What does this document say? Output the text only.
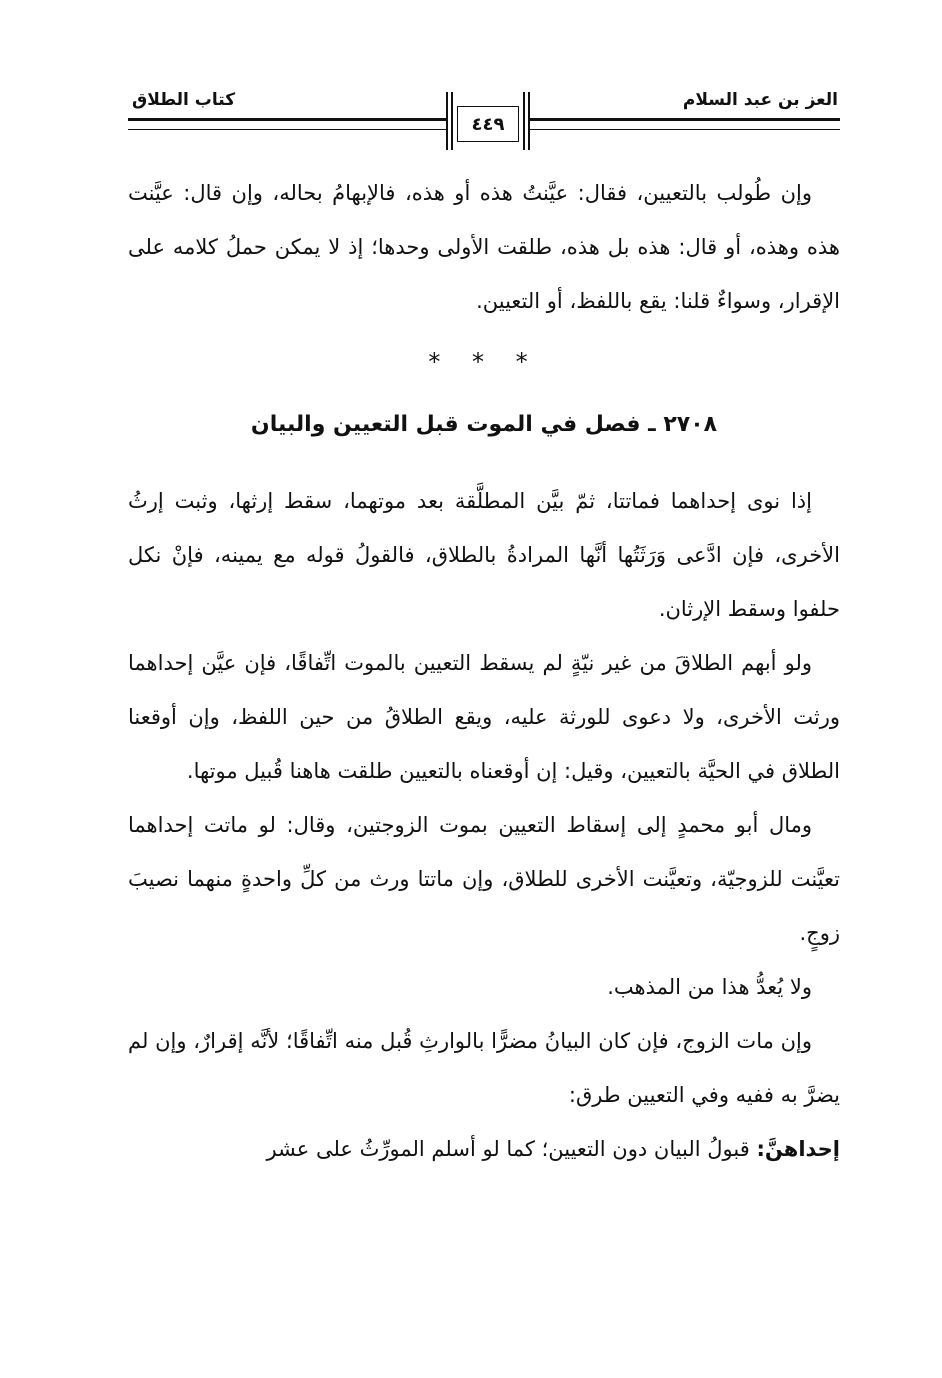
العز بن عبد السلام
كتاب الطلاق
٤٤٩

وإن طُولب بالتعيين، فقال: عيَّنتُ هذه أو هذه، فالإبهامُ بحاله، وإن قال: عيَّنت هذه وهذه، أو قال: هذه بل هذه، طلقت الأولى وحدها؛ إذ لا يمكن حملُ كلامه على الإقرار، وسواءٌ قلنا: يقع باللفظ، أو التعيين.

* * *
٢٧٠٨ ـ فصل في الموت قبل التعيين والبيان

إذا نوى إحداهما فماتتا، ثمّ بيَّن المطلَّقة بعد موتهما، سقط إرثها، وثبت إرثُ الأخرى، فإن ادَّعى وَرَثَتُها أنَّها المرادةُ بالطلاق، فالقولُ قوله مع يمينه، فإنْ نكل حلفوا وسقط الإرثان.

ولو أبهم الطلاقَ من غير نيّةٍ لم يسقط التعيين بالموت اتِّفاقًا، فإن عيَّن إحداهما ورثت الأخرى، ولا دعوى للورثة عليه، ويقع الطلاقُ من حين اللفظ، وإن أوقعنا الطلاق في الحيَّة بالتعيين، وقيل: إن أوقعناه بالتعيين طلقت هاهنا قُبيل موتها.

ومال أبو محمدٍ إلى إسقاط التعيين بموت الزوجتين، وقال: لو ماتت إحداهما تعيَّنت للزوجيّة، وتعيَّنت الأخرى للطلاق، وإن ماتتا ورث من كلِّ واحدةٍ منهما نصيبَ زوجٍ.

ولا يُعدُّ هذا من المذهب.

وإن مات الزوج، فإن كان البيانُ مضرًّا بالوارثِ قُبل منه اتِّفاقًا؛ لأنَّه إقرارٌ، وإن لم يضرَّ به ففيه وفي التعيين طرق:

إحداهنَّ: قبولُ البيان دون التعيين؛ كما لو أسلم المورِّثُ على عشر
